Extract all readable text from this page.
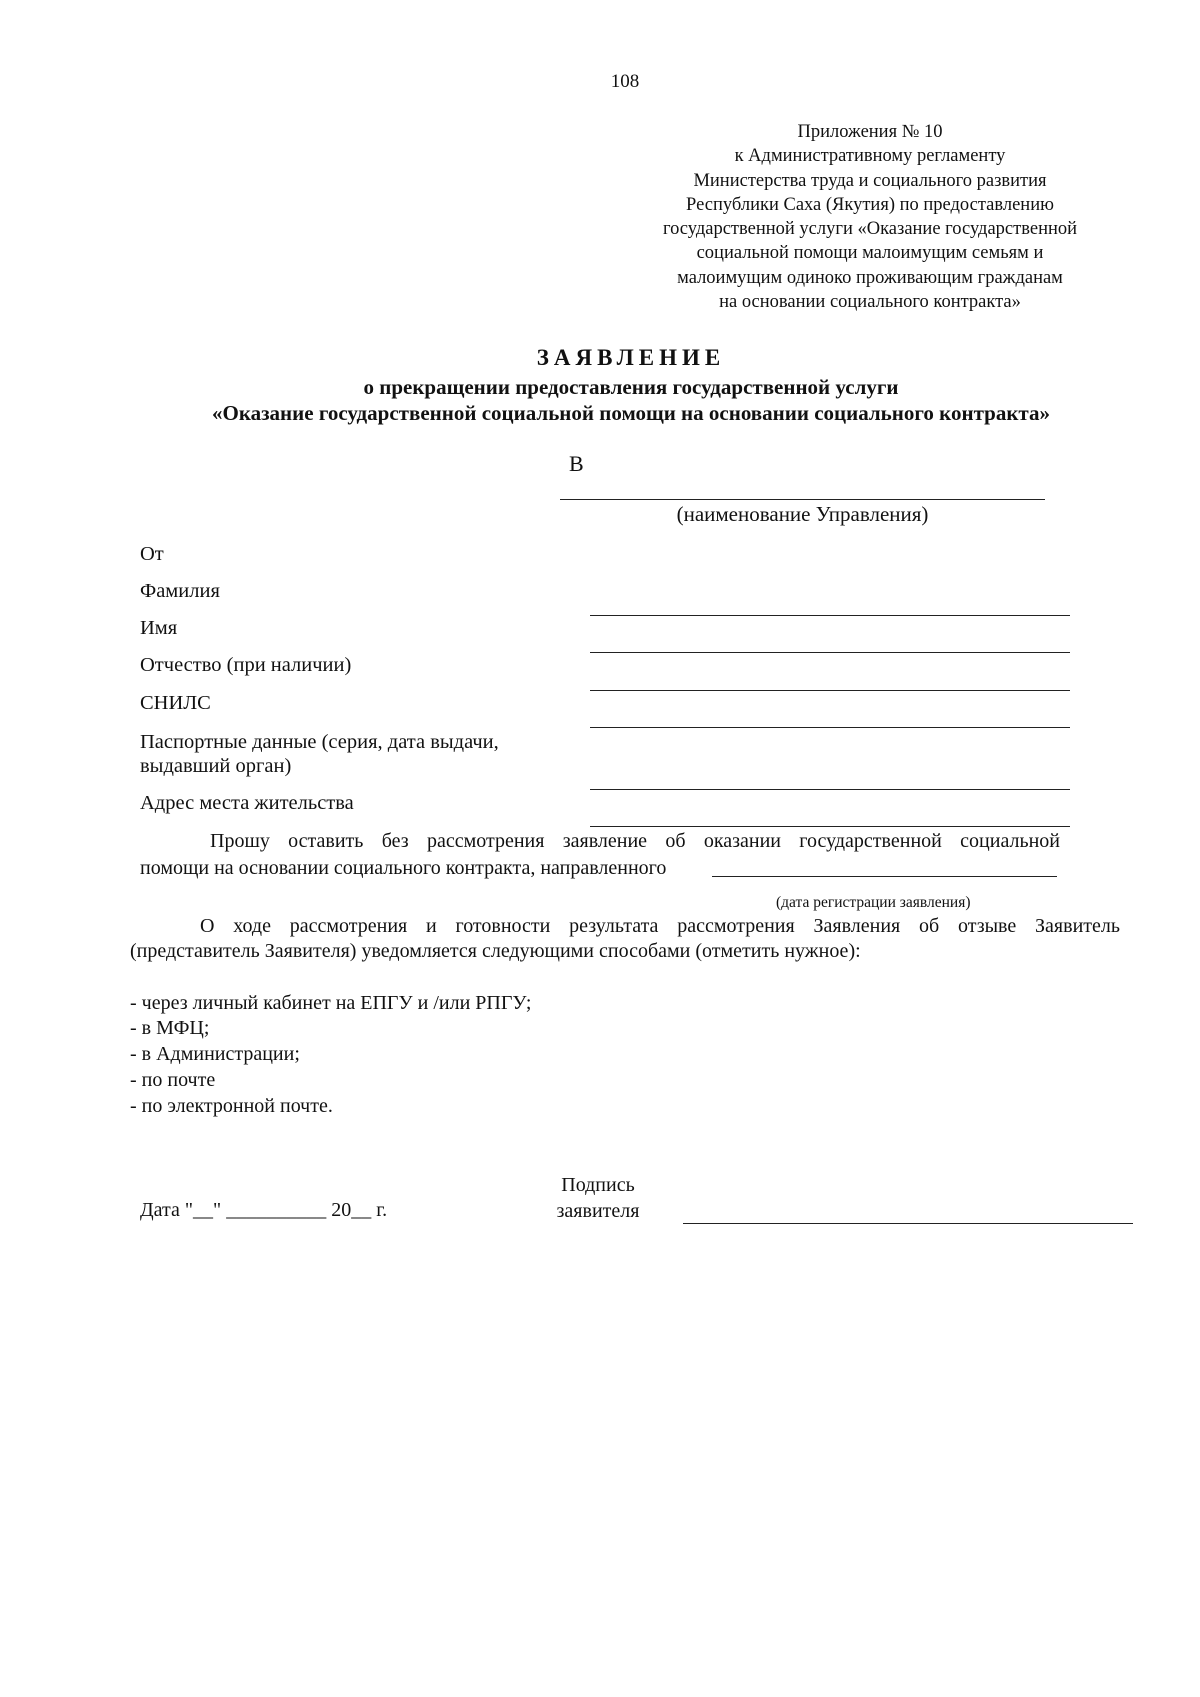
108
Приложения № 10
к Административному регламенту
Министерства труда и социального развития
Республики Саха (Якутия) по предоставлению
государственной услуги «Оказание государственной
социальной помощи малоимущим семьям и
малоимущим одиноко проживающим гражданам
на основании социального контракта»
ЗАЯВЛЕНИЕ
о прекращении предоставления государственной услуги
«Оказание государственной социальной помощи на основании социального контракта»
В
(наименование Управления)
От
Фамилия
Имя
Отчество (при наличии)
СНИЛС
Паспортные данные (серия, дата выдачи,
выдавший орган)
Адрес места жительства
Прошу оставить без рассмотрения заявление об оказании государственной социальной
помощи на основании социального контракта, направленного
(дата регистрации заявления)
О ходе рассмотрения и готовности результата рассмотрения Заявления об отзыве Заявитель
(представитель Заявителя) уведомляется следующими способами (отметить нужное):
- через личный кабинет на ЕПГУ и /или РПГУ;
- в МФЦ;
- в Администрации;
- по почте
- по электронной почте.
Дата "__" __________ 20__ г.
Подпись
заявителя
